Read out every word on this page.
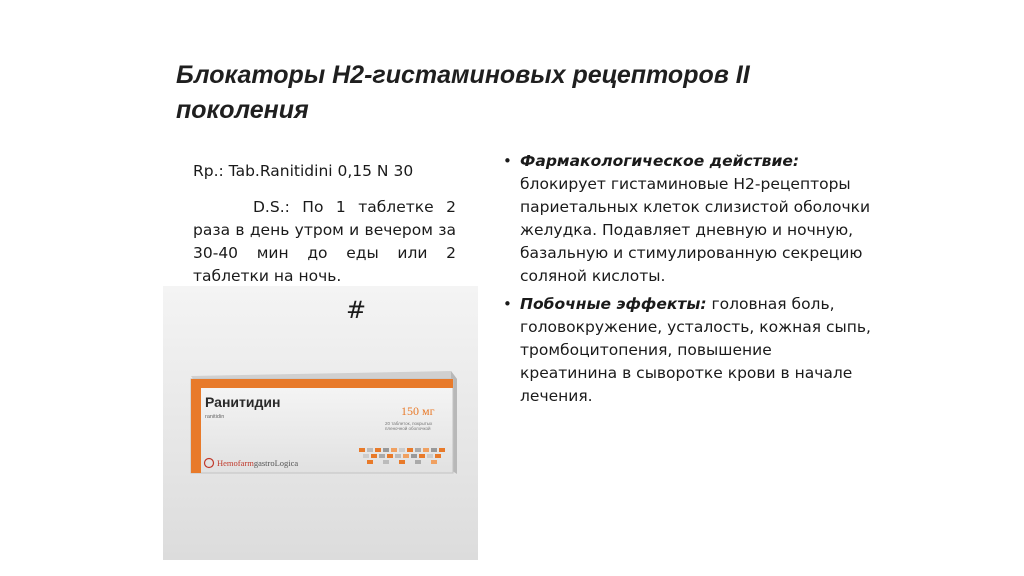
Блокаторы Н2-гистаминовых рецепторов II
поколения
Rp.: Tab.Ranitidini 0,15 N 30
D.S.: По 1 таблетке 2 раза в день утром и вечером за 30-40 мин до еды или 2 таблетки на ночь.
Ранитидин
ranitidin	150 мг
20 таблеток, покрытых
пленочной оболочкой
HemofarmgastroLogica
#
• Фармакологическое действие: блокирует гистаминовые Н2-рецепторы париетальных клеток слизистой оболочки желудка. Подавляет дневную и ночную, базальную и стимулированную секрецию соляной кислоты.
• Побочные эффекты: головная боль, головокружение, усталость, кожная сыпь, тромбоцитопения, повышение креатинина в сыворотке крови в начале лечения.
